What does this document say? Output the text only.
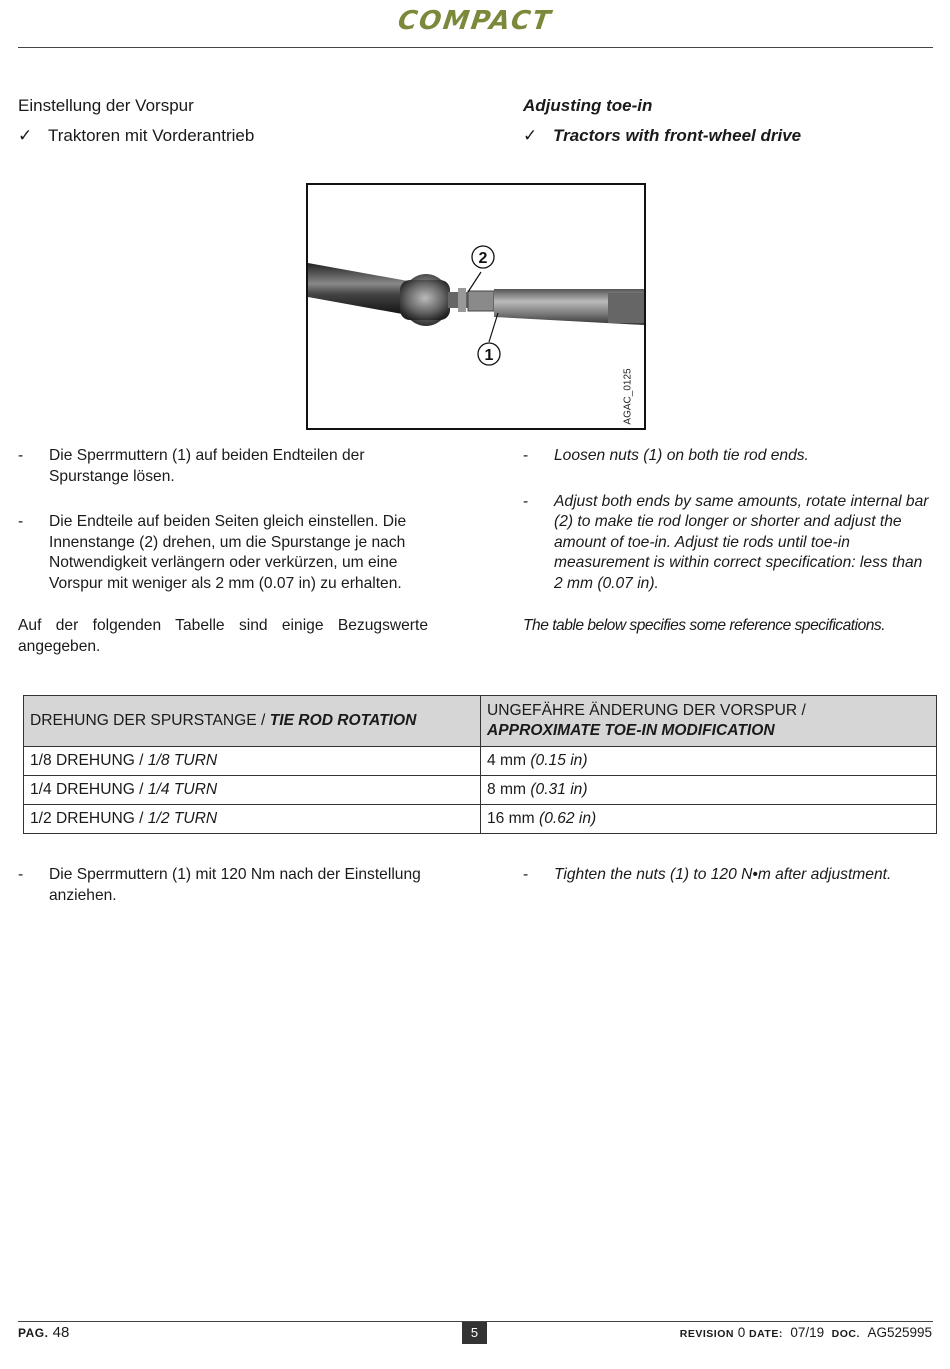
COMPACT
Einstellung der Vorspur
✓ Traktoren mit Vorderantrieb
Adjusting toe-in
✓ Tractors with front-wheel drive
2
1
AGAC_0125
-	Die Sperrmuttern (1) auf beiden Endteilen der Spurstange lösen.
-	Die Endteile auf beiden Seiten gleich einstellen. Die Innenstange (2) drehen, um die Spurstange je nach Notwendigkeit verlängern oder verkürzen, um eine Vorspur mit weniger als 2 mm (0.07 in) zu erhalten.
Auf der folgenden Tabelle sind einige Bezugswerte angegeben.
-	Loosen nuts (1) on both tie rod ends.
-	Adjust both ends by same amounts, rotate internal bar (2) to make tie rod longer or shorter and adjust the amount of toe-in. Adjust tie rods until toe-in measurement is within correct specification: less than 2 mm (0.07 in).
The table below specifies some reference specifications.
DREHUNG DER SPURSTANGE / TIE ROD ROTATION	UNGEFÄHRE ÄNDERUNG DER VORSPUR /
APPROXIMATE TOE-IN MODIFICATION
1/8 DREHUNG / 1/8 TURN	4 mm (0.15 in)
1/4 DREHUNG / 1/4 TURN	8 mm (0.31 in)
1/2 DREHUNG / 1/2 TURN	16 mm (0.62 in)
-	Die Sperrmuttern (1) mit 120 Nm nach der Einstellung anziehen.
-	Tighten the nuts (1) to 120 N•m after adjustment.
PAG. 48	5	REVISION 0 DATE: 07/19 DOC. AG525995
